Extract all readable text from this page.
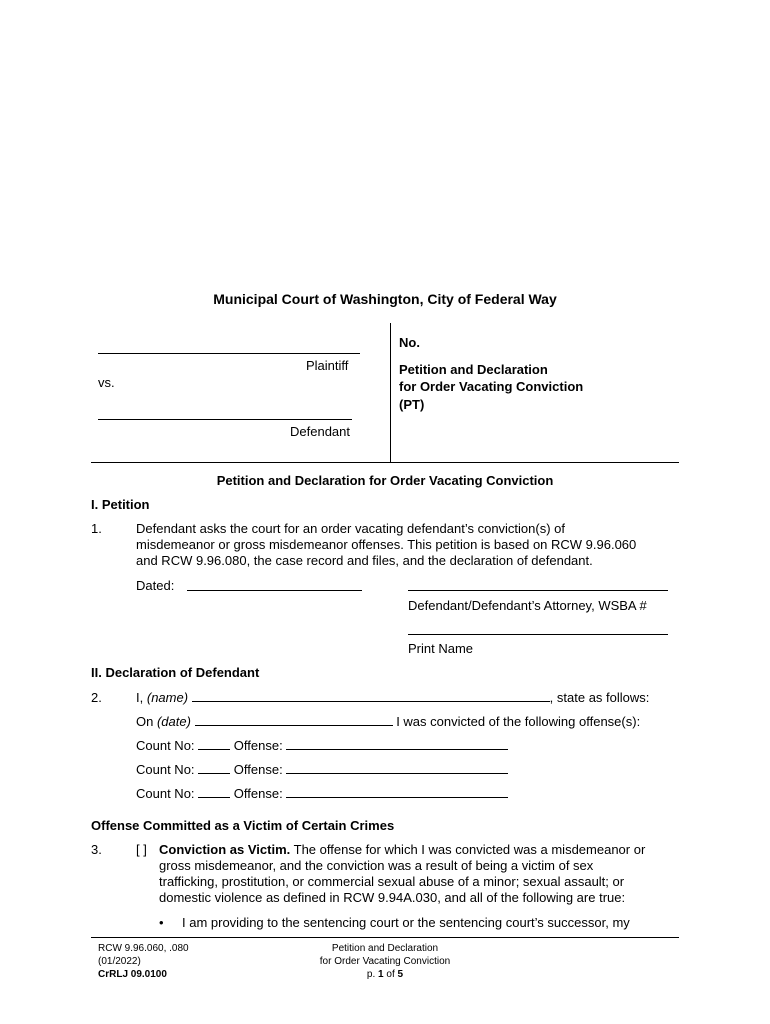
Municipal Court of Washington, City of Federal Way
Plaintiff
vs.
Defendant
No.
Petition and Declaration
for Order Vacating Conviction
(PT)
Petition and Declaration for Order Vacating Conviction
I. Petition
1.	Defendant asks the court for an order vacating defendant’s conviction(s) of
misdemeanor or gross misdemeanor offenses. This petition is based on RCW 9.96.060
and RCW 9.96.080, the case record and files, and the declaration of defendant.
Dated:
Defendant/Defendant’s Attorney, WSBA #
Print Name
II. Declaration of Defendant
2.	I, (name)	, state as follows:
On (date)	I was convicted of the following offense(s):
Count No:	Offense:
Count No:	Offense:
Count No:	Offense:
Offense Committed as a Victim of Certain Crimes
3.	[ ] Conviction as Victim. The offense for which I was convicted was a misdemeanor or
gross misdemeanor, and the conviction was a result of being a victim of sex
trafficking, prostitution, or commercial sexual abuse of a minor; sexual assault; or
domestic violence as defined in RCW 9.94A.030, and all of the following are true:
• I am providing to the sentencing court or the sentencing court’s successor, my
RCW 9.96.060, .080
(01/2022)
CrRLJ 09.0100
Petition and Declaration
for Order Vacating Conviction
p. 1 of 5
